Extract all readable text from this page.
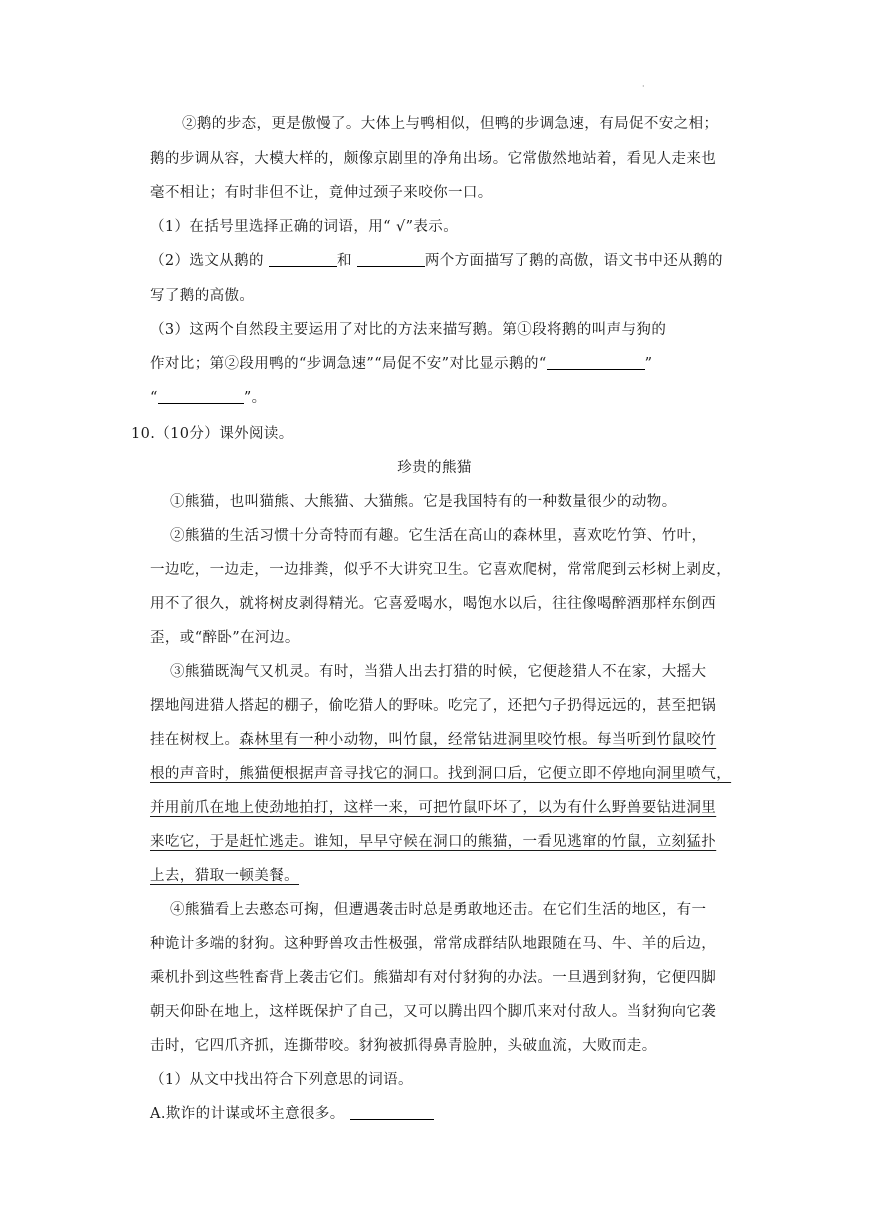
·
②鹅的步态，更是傲慢了。大体上与鸭相似，但鸭的步调急速，有局促不安之相；
鹅的步调从容，大模大样的，颇像京剧里的净角出场。它常傲然地站着，看见人走来也
毫不相让；有时非但不让，竟伸过颈子来咬你一口。
（1）在括号里选择正确的词语，用“ √”表示。
（2）选文从鹅的	和	两个方面描写了鹅的高傲，语文书中还从鹅的
写了鹅的高傲。
（3）这两个自然段主要运用了对比的方法来描写鹅。第①段将鹅的叫声与狗的
作对比；第②段用鸭的“步调急速”“局促不安”对比显示鹅的“	”
“	”。
10.（10分）课外阅读。
珍贵的熊猫
①熊猫，也叫猫熊、大熊猫、大猫熊。它是我国特有的一种数量很少的动物。
②熊猫的生活习惯十分奇特而有趣。它生活在高山的森林里，喜欢吃竹笋、竹叶，
一边吃，一边走，一边排粪，似乎不大讲究卫生。它喜欢爬树，常常爬到云杉树上剥皮，
用不了很久，就将树皮剥得精光。它喜爱喝水，喝饱水以后，往往像喝醉酒那样东倒西
歪，或“醉卧”在河边。
③熊猫既淘气又机灵。有时，当猎人出去打猎的时候，它便趁猎人不在家，大摇大
摆地闯进猎人搭起的棚子，偷吃猎人的野味。吃完了，还把勺子扔得远远的，甚至把锅
挂在树杈上。森林里有一种小动物，叫竹鼠，经常钻进洞里咬竹根。每当听到竹鼠咬竹
根的声音时，熊猫便根据声音寻找它的洞口。找到洞口后，它便立即不停地向洞里喷气，
并用前爪在地上使劲地拍打，这样一来，可把竹鼠吓坏了，以为有什么野兽要钻进洞里
来吃它，于是赶忙逃走。谁知，早早守候在洞口的熊猫，一看见逃窜的竹鼠，立刻猛扑
上去，猎取一顿美餐。
④熊猫看上去憨态可掬，但遭遇袭击时总是勇敢地还击。在它们生活的地区，有一
种诡计多端的豺狗。这种野兽攻击性极强，常常成群结队地跟随在马、牛、羊的后边，
乘机扑到这些牲畜背上袭击它们。熊猫却有对付豺狗的办法。一旦遇到豺狗，它便四脚
朝天仰卧在地上，这样既保护了自己，又可以腾出四个脚爪来对付敌人。当豺狗向它袭
击时，它四爪齐抓，连撕带咬。豺狗被抓得鼻青脸肿，头破血流，大败而走。
（1）从文中找出符合下列意思的词语。
A.欺诈的计谋或坏主意很多。
